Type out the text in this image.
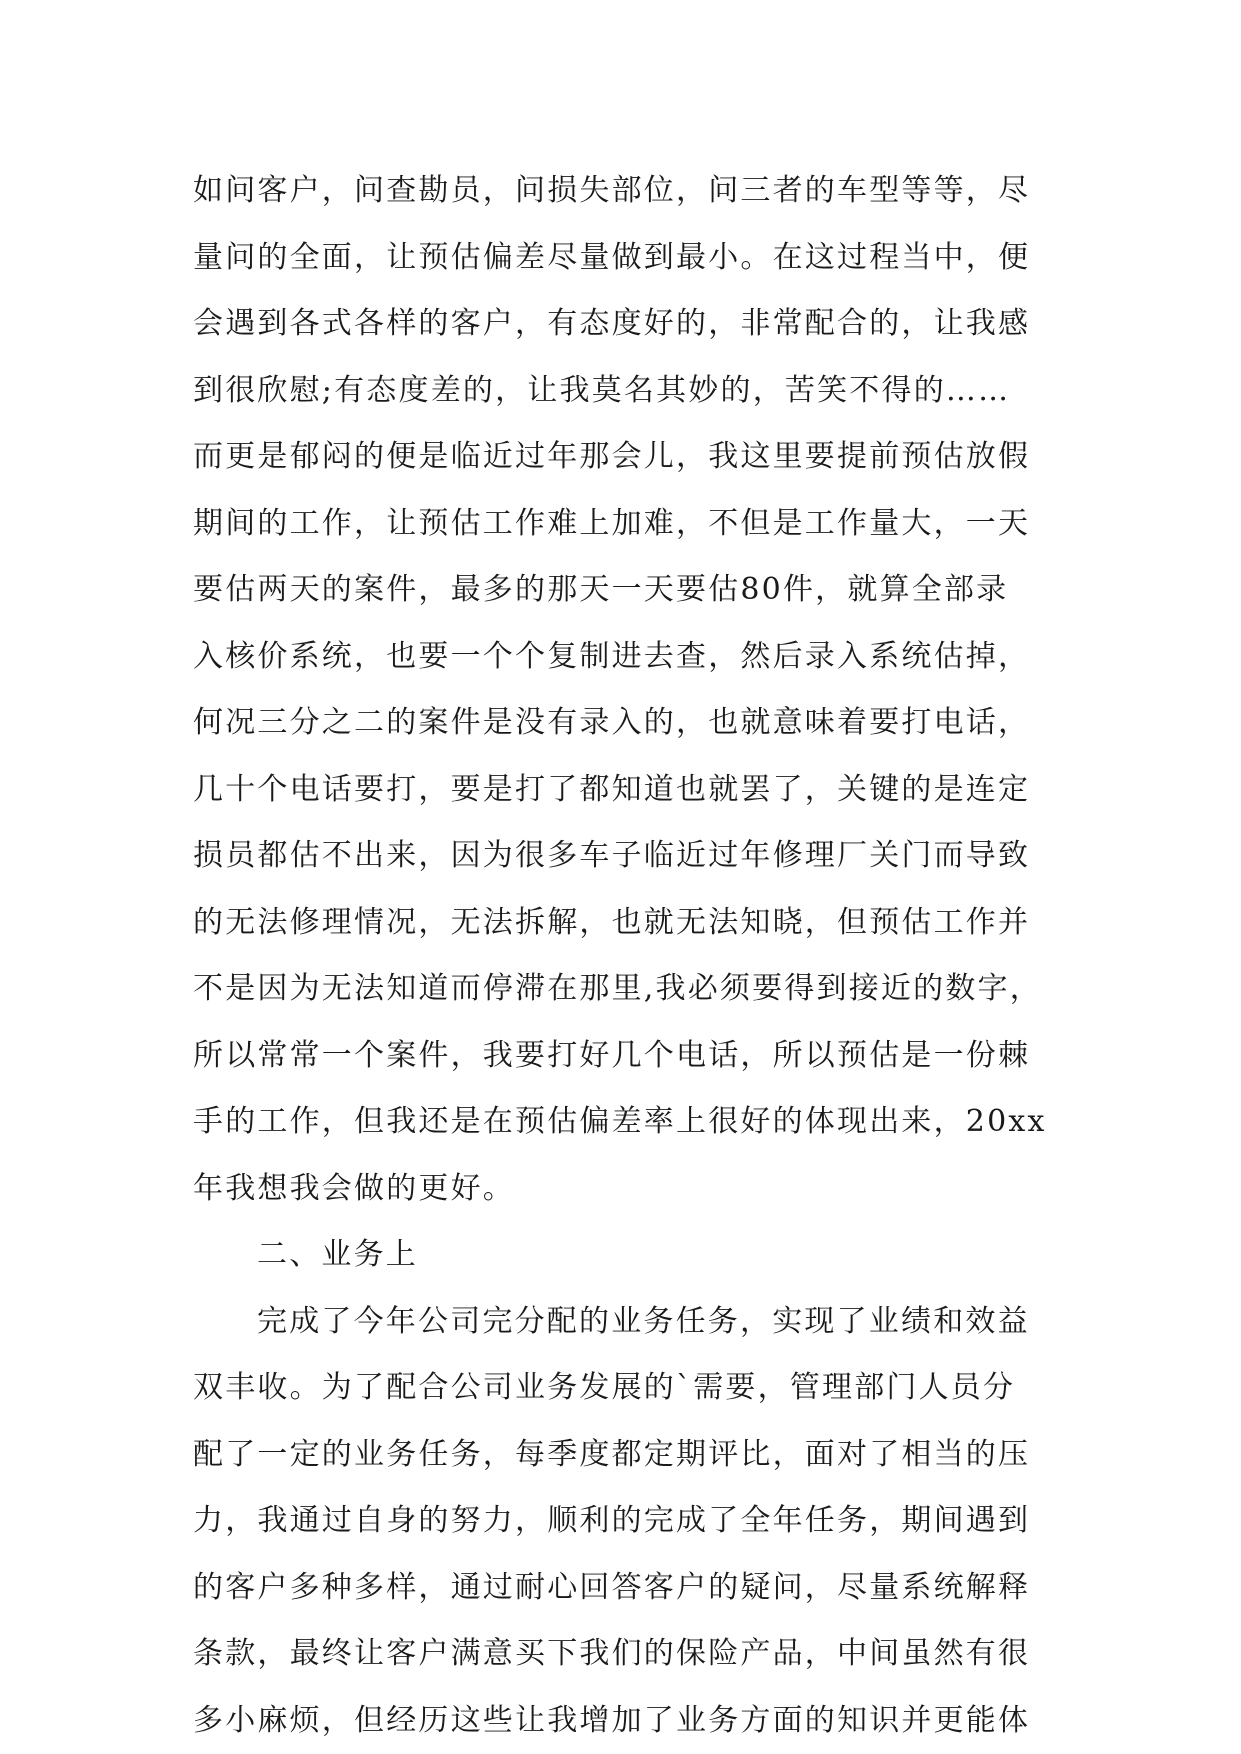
如问客户，问查勘员，问损失部位，问三者的车型等等，尽
量问的全面，让预估偏差尽量做到最小。在这过程当中，便
会遇到各式各样的客户，有态度好的，非常配合的，让我感
到很欣慰;有态度差的，让我莫名其妙的，苦笑不得的……
而更是郁闷的便是临近过年那会儿，我这里要提前预估放假
期间的工作，让预估工作难上加难，不但是工作量大，一天
要估两天的案件，最多的那天一天要估80件，就算全部录
入核价系统，也要一个个复制进去查，然后录入系统估掉，
何况三分之二的案件是没有录入的，也就意味着要打电话，
几十个电话要打，要是打了都知道也就罢了，关键的是连定
损员都估不出来，因为很多车子临近过年修理厂关门而导致
的无法修理情况，无法拆解，也就无法知晓，但预估工作并
不是因为无法知道而停滞在那里,我必须要得到接近的数字，
所以常常一个案件，我要打好几个电话，所以预估是一份棘
手的工作，但我还是在预估偏差率上很好的体现出来，20xx
年我想我会做的更好。
二、业务上
完成了今年公司完分配的业务任务，实现了业绩和效益
双丰收。为了配合公司业务发展的`需要，管理部门人员分
配了一定的业务任务，每季度都定期评比，面对了相当的压
力，我通过自身的努力，顺利的完成了全年任务，期间遇到
的客户多种多样，通过耐心回答客户的疑问，尽量系统解释
条款，最终让客户满意买下我们的保险产品，中间虽然有很
多小麻烦，但经历这些让我增加了业务方面的知识并更能体
